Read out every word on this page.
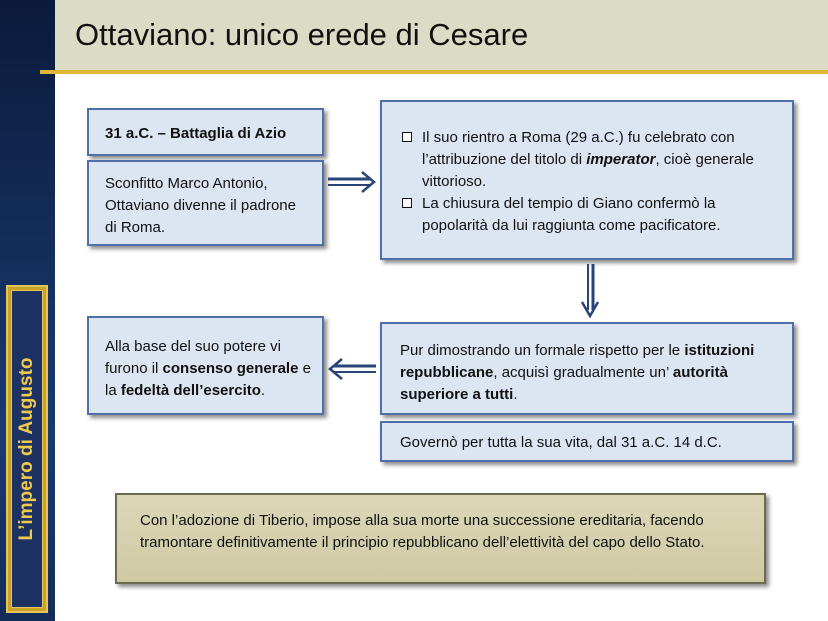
L’impero di Augusto
Ottaviano: unico erede di Cesare

31 a.C. – Battaglia di Azio

Sconfitto Marco Antonio, Ottaviano divenne il padrone di Roma.

Il suo rientro a Roma (29 a.C.) fu celebrato con l’attribuzione del titolo di imperator, cioè generale vittorioso.
La chiusura del tempio di Giano confermò la popolarità da lui raggiunta come pacificatore.

Alla base del suo potere vi furono il consenso generale e la fedeltà dell’esercito.

Pur dimostrando un formale rispetto per le istituzioni repubblicane, acquisì gradualmente un’ autorità superiore a tutti.

Governò per tutta la sua vita, dal 31 a.C. 14 d.C.

Con l’adozione di Tiberio, impose alla sua morte una successione ereditaria, facendo tramontare definitivamente il principio repubblicano dell’elettività del capo dello Stato.
